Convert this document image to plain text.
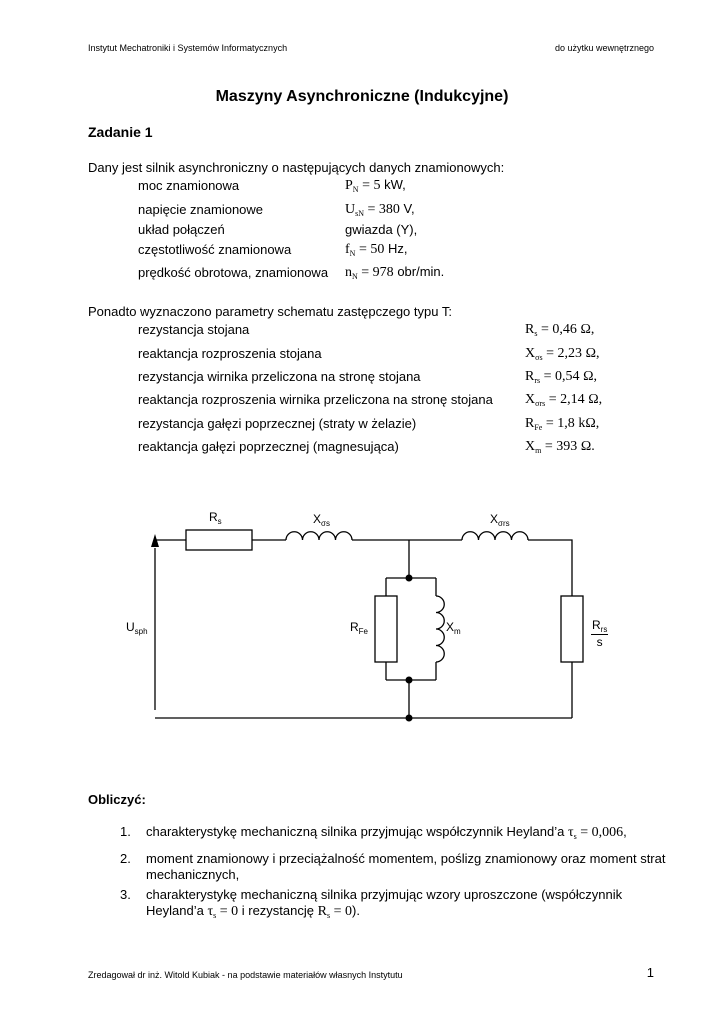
Instytut Mechatroniki i Systemów Informatycznych	do użytku wewnętrznego
Maszyny Asynchroniczne (Indukcyjne)
Zadanie 1
Dany jest silnik asynchroniczny o następujących danych znamionowych:
moc znamionowa	$P_N = 5$ kW,
napięcie znamionowe	$U_{sN} = 380$ V,
układ połączeń	gwiazda (Y),
częstotliwość znamionowa	$f_N = 50$ Hz,
prędkość obrotowa, znamionowa $n_N = 978$ obr/min.
Ponadto wyznaczono parametry schematu zastępczego typu T:
rezystancja stojana	$R_s = 0,46$ Ω,
reaktancja rozproszenia stojana	$X_{\sigma s} = 2,23$ Ω,
rezystancja wirnika przeliczona na stronę stojana	$R_{rs} = 0,54$ Ω,
reaktancja rozproszenia wirnika przeliczona na stronę stojana $X_{\sigma rs} = 2,14$ Ω,
rezystancja gałęzi poprzecznej (straty w żelazie)	$R_{Fe} = 1,8$ kΩ,
reaktancja gałęzi poprzecznej (magnesująca)	$X_m = 393$ Ω.
$R_s$	$X_{\sigma s}$	$X_{\sigma rs}$
$U_{sph}$	$R_{Fe}$	$X_m$	$R_{rs}$
s
Obliczyć:
1. charakterystykę mechaniczną silnika przyjmując współczynnik Heyland’a $\tau_s = 0,006$,
2. moment znamionowy i przeciążalność momentem, poślizg znamionowy oraz moment strat mechanicznych,
3. charakterystykę mechaniczną silnika przyjmując wzory uproszczone (współczynnik
Heyland’a $\tau_s = 0$ i rezystancję $R_s = 0$).
Zredagował dr inż. Witold Kubiak - na podstawie materiałów własnych Instytutu	1
